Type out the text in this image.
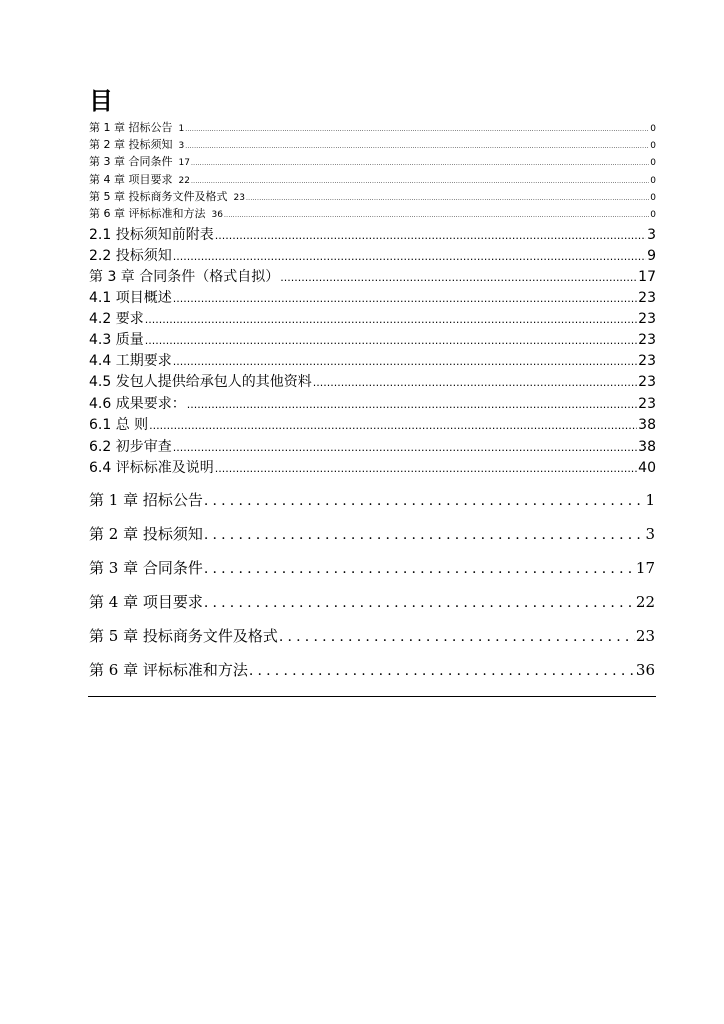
目
第 1 章 招标公告 1 .....	0
第 2 章 投标须知 3 .....	0
第 3 章 合同条件 17 .....	0
第 4 章 项目要求 22 .....	0
第 5 章 投标商务文件及格式 23 .....	0
第 6 章 评标标准和方法 36 .....	0
2.1 投标须知前附表 .....	3
2.2 投标须知 .....	9
第 3 章 合同条件（格式自拟） .....	17
4.1 项目概述 .....	23
4.2 要求 .....	23
4.3 质量 .....	23
4.4 工期要求 .....	23
4.5 发包人提供给承包人的其他资料 .....	23
4.6 成果要求： .....	23
6.1 总 则 .....	38
6.2 初步审查 .....	38
6.4 评标标准及说明 .....	40
第 1 章 招标公告 .....	1
第 2 章 投标须知 .....	3
第 3 章 合同条件 .....	17
第 4 章 项目要求 .....	22
第 5 章 投标商务文件及格式 .....	23
第 6 章 评标标准和方法 .....	36
